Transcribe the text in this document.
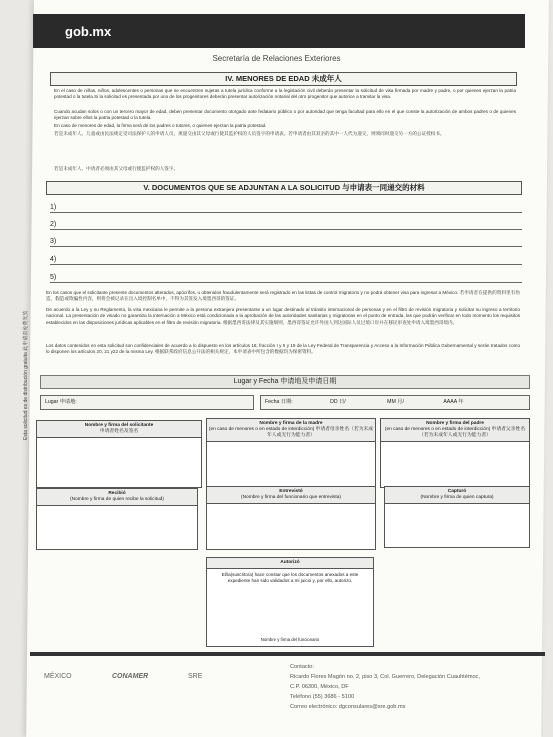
gob.mx
Secretaría de Relaciones Exteriores
IV. MENORES DE EDAD 未成年人
En el caso de niñas, niños, adolescentes o personas que se encuentren sujetas a tutela jurídica conforme a la legislación civil deberán presentar la solicitud de visa firmada por madre y padre, o por quienes ejerzan la patria potestad o la tutela.Si la solicitud es presentada por uno de los progenitores deberán presentar autorización notarial del otro progenitor que autorice a tramitar la visa.
Cuando acudan solos o con un tercero mayor de edad, deben presentar documento otorgado ante fedatario público o por autoridad que tenga facultad para ello en el que conste la autorización de ambos padres o de quienes ejerzan sobre ellos la patria potestad o la tutela.
En caso de menores de edad, la firma será de los padres o tutores, o quienes ejerzan la patria potestad.
若是未成年人、儿童或由民法规定受司法保护人的申请人员，须递交由其父母或行使其监护权的人员签字的申请表。若申请者由其双亲的其中一人代为递交，则须同时递交另一方的公证授权书。
若是未成年人、中请者必须由其父母或行使监护权的人签字。
V. DOCUMENTOS QUE SE ADJUNTAN A LA SOLICITUD 与申请表一同递交的材料
1)
2)
3)
4)
5)
En los casos que el solicitante presente documentos alterados, apócrifos, u obtenidos fraudulentamente será registrado en las listas de control migratorio y no podrá obtener visa para ingresar a México. 若申请者在提供的资料里有伪造、假造或欺骗性内容，则将会被记录在出入境控制名单中，不得为其签发入境墨西哥的签证。
De acuerdo a la Ley y su Reglamento, la visa mexicana le permite a la persona extranjera presentarse a un lugar destinado al tránsito internacional de personas y en el filtro de revisión migratoria y solicitar su ingreso a territorio nacional. La presentación de visado no garantiza la internación a México está condicionada a la aprobación de las autoridades sanitarias y migratorias en el punto de entrada, las que podrán verificar en todo momento los requisitos establecidos en las disposiciones jurídicas aplicables en el filtro de revisión migratoria. 根据墨西哥法律及其实施细则，墨西哥签证允许外国人到达国际人员过境口岸并在移民审查处申请入境墨西哥境内。
Los datos contenidos en esta solicitud son confidenciales de acuerdo a lo dispuesto en los artículos 18, fracción I y II y 19 de la Ley Federal de Transparencia y Acceso a la Información Pública Gubernamental y serán tratados como lo disponen los artículos 20, 21 y22 de la misma Ley. 根据联邦政府信息公开法的相关规定，本申请表中所包含的数据均为保密资料。
Esta solicitud es de distribución gratuita 此申请表免费发放	Lugar y Fecha 申请地及申请日期
Lugar 申请地:	Fecha 日期:	DD 日/	MM 月/	AAAA 年
Nombre y firma del solicitante
申请者姓名及签名
Nombre y firma de la madre
(en caso de menores o en estado de interdicción) 申请者母亲姓名（若为未成年人或无行为能力者）
Nombre y firma del padre
(en caso de menores o en estado de interdicción) 申请者父亲姓名（若为未成年人或无行为能力者）
Recibió
(Nombre y firma de quien recibe la solicitud)
Entrevistó
(Nombre y firma del funcionario que entrevista)
Capturó
(Nombre y firma de quien captura)
Autorizó
El/la(suscrito/a) hace constar que los documentos anexados a este expediente han sido validados a mi juicio y, por ello, autorizo.
Nombre y firma del funcionario
MÉXICO	CONAMER	SRE
Contacto:
Ricardo Flores Magón no. 2, piso 3, Col. Guerrero, Delegación Cuauhtémoc,
C.P. 06300, México, DF
Teléfono (55) 3686 - 5100
Correo electrónico: dgconsulares@sre.gob.mx
